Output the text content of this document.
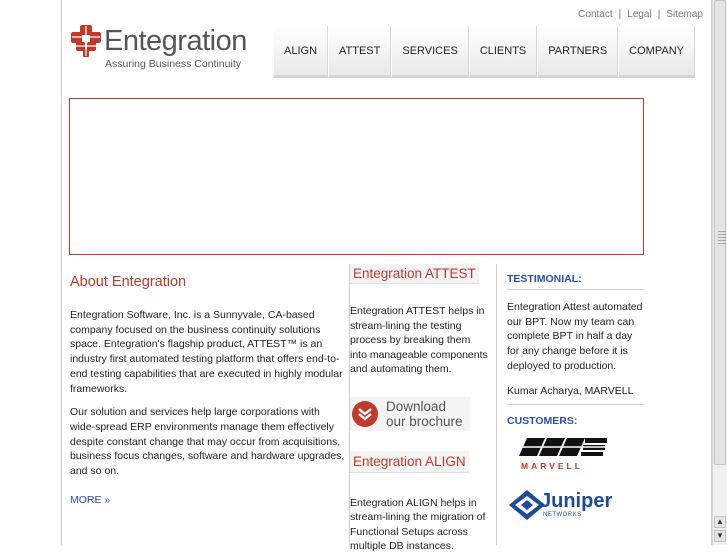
Contact | Legal | Sitemap
Entegration
Assuring Business Continuity
ALIGN	ATTEST	SERVICES	CLIENTS	PARTNERS	COMPANY
About Entegration

Entegration Software, Inc. is a Sunnyvale, CA-based company focused on the business continuity solutions space. Entegration's flagship product, ATTEST™ is an industry first automated testing platform that offers end-to-end testing capabilities that are executed in highly modular frameworks.

Our solution and services help large corporations with wide-spread ERP environments manage them effectively despite constant change that may occur from acquisitions, business focus changes, software and hardware upgrades, and so on.

MORE »
Entegration ATTEST

Entegration ATTEST helps in stream-lining the testing process by breaking them into manageable components and automating them.

Download
our brochure
Entegration ALIGN

Entegration ALIGN helps in stream-lining the migration of Functional Setups across multiple DB instances.

TESTIMONIAL:

Entegration Attest automated our BPT. Now my team can complete BPT in half a day for any change before it is deployed to production.

Kumar Acharya, MARVELL

CUSTOMERS:
MARVELL
Juniper
NETWORKS
▲
▼
